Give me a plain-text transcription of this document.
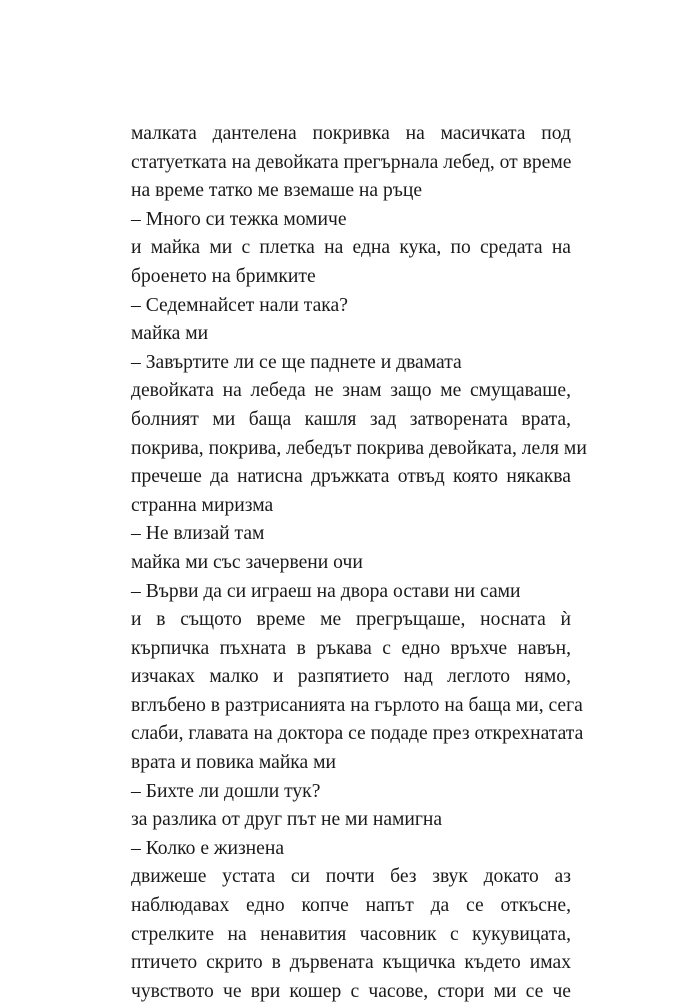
малката дантелена покривка на масичката под
статуетката на девойката прегърнала лебед, от време
на време татко ме вземаше на ръце
– Много си тежка момиче
и майка ми с плетка на една кука, по средата на
броенето на бримките
– Седемнайсет нали така?
майка ми
– Завъртите ли се ще паднете и двамата
девойката на лебеда не знам защо ме смущаваше,
болният ми баща кашля зад затворената врата,
покрива, покрива, лебедът покрива девойката, леля ми
пречеше да натисна дръжката отвъд която някаква
странна миризма
– Не влизай там
майка ми със зачервени очи
– Върви да си играеш на двора остави ни сами
и в същото време ме прегръщаше, носната ѝ
кърпичка пъхната в ръкава с едно връхче навън,
изчаках малко и разпятието над леглото нямо,
вглъбено в разтрисанията на гърлото на баща ми, сега
слаби, главата на доктора се подаде през открехнатата
врата и повика майка ми
– Бихте ли дошли тук?
за разлика от друг път не ми намигна
– Колко е жизнена
движеше устата си почти без звук докато аз
наблюдавах едно копче напът да се откъсне,
стрелките на ненавития часовник с кукувицата,
птичето скрито в дървената къщичка където имах
чувството че ври кошер с часове, стори ми се че
